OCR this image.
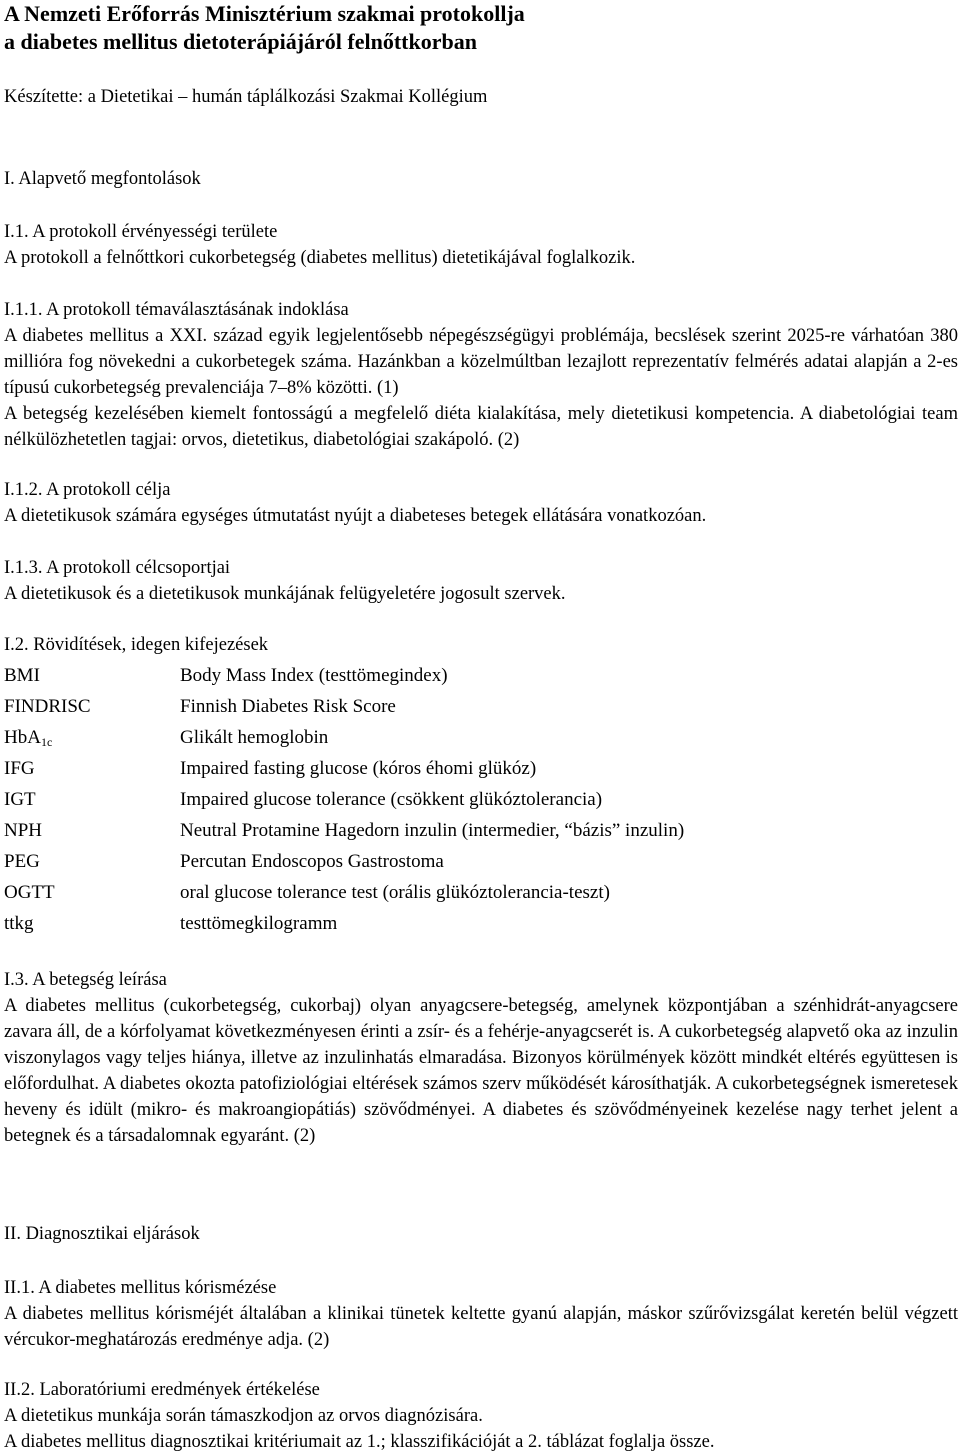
A Nemzeti Erőforrás Minisztérium szakmai protokollja
a diabetes mellitus dietoterápiájáról felnőttkorban

Készítette: a Dietetikai – humán táplálkozási Szakmai Kollégium

I. Alapvető megfontolások

I.1. A protokoll érvényességi területe

A protokoll a felnőttkori cukorbetegség (diabetes mellitus) dietetikájával foglalkozik.

I.1.1. A protokoll témaválasztásának indoklása

A diabetes mellitus a XXI. század egyik legjelentősebb népegészségügyi problémája, becslések szerint 2025-re várhatóan 380 millióra fog növekedni a cukorbetegek száma. Hazánkban a közelmúltban lezajlott reprezentatív felmérés adatai alapján a 2-es típusú cukorbetegség prevalenciája 7–8% közötti. (1)

A betegség kezelésében kiemelt fontosságú a megfelelő diéta kialakítása, mely dietetikusi kompetencia. A diabetológiai team nélkülözhetetlen tagjai: orvos, dietetikus, diabetológiai szakápoló. (2)

I.1.2. A protokoll célja

A dietetikusok számára egységes útmutatást nyújt a diabeteses betegek ellátására vonatkozóan.

I.1.3. A protokoll célcsoportjai

A dietetikusok és a dietetikusok munkájának felügyeletére jogosult szervek.

I.2. Rövidítések, idegen kifejezések

BMI	Body Mass Index (testtömegindex)
FINDRISC	Finnish Diabetes Risk Score
HbA$_{1c}$	Glikált hemoglobin
IFG	Impaired fasting glucose (kóros éhomi glükóz)
IGT	Impaired glucose tolerance (csökkent glükóztolerancia)
NPH	Neutral Protamine Hagedorn inzulin (intermedier, “bázis” inzulin)
PEG	Percutan Endoscopos Gastrostoma
OGTT	oral glucose tolerance test (orális glükóztolerancia-teszt)
ttkg	testtömegkilogramm

I.3. A betegség leírása

A diabetes mellitus (cukorbetegség, cukorbaj) olyan anyagcsere-betegség, amelynek központjában a szénhidrát-anyagcsere zavara áll, de a kórfolyamat következményesen érinti a zsír- és a fehérje-anyagcserét is. A cukorbetegség alapvető oka az inzulin viszonylagos vagy teljes hiánya, illetve az inzulinhatás elmaradása. Bizonyos körülmények között mindkét eltérés együttesen is előfordulhat. A diabetes okozta patofiziológiai eltérések számos szerv működését károsíthatják. A cukorbetegségnek ismeretesek heveny és idült (mikro- és makroangiopátiás) szövődményei. A diabetes és szövődményeinek kezelése nagy terhet jelent a betegnek és a társadalomnak egyaránt. (2)

II. Diagnosztikai eljárások

II.1. A diabetes mellitus kórismézése

A diabetes mellitus kórisméjét általában a klinikai tünetek keltette gyanú alapján, máskor szűrővizsgálat keretén belül végzett vércukor-meghatározás eredménye adja. (2)

II.2. Laboratóriumi eredmények értékelése

A dietetikus munkája során támaszkodjon az orvos diagnózisára.

A diabetes mellitus diagnosztikai kritériumait az 1.; klasszifikációját a 2. táblázat foglalja össze.
